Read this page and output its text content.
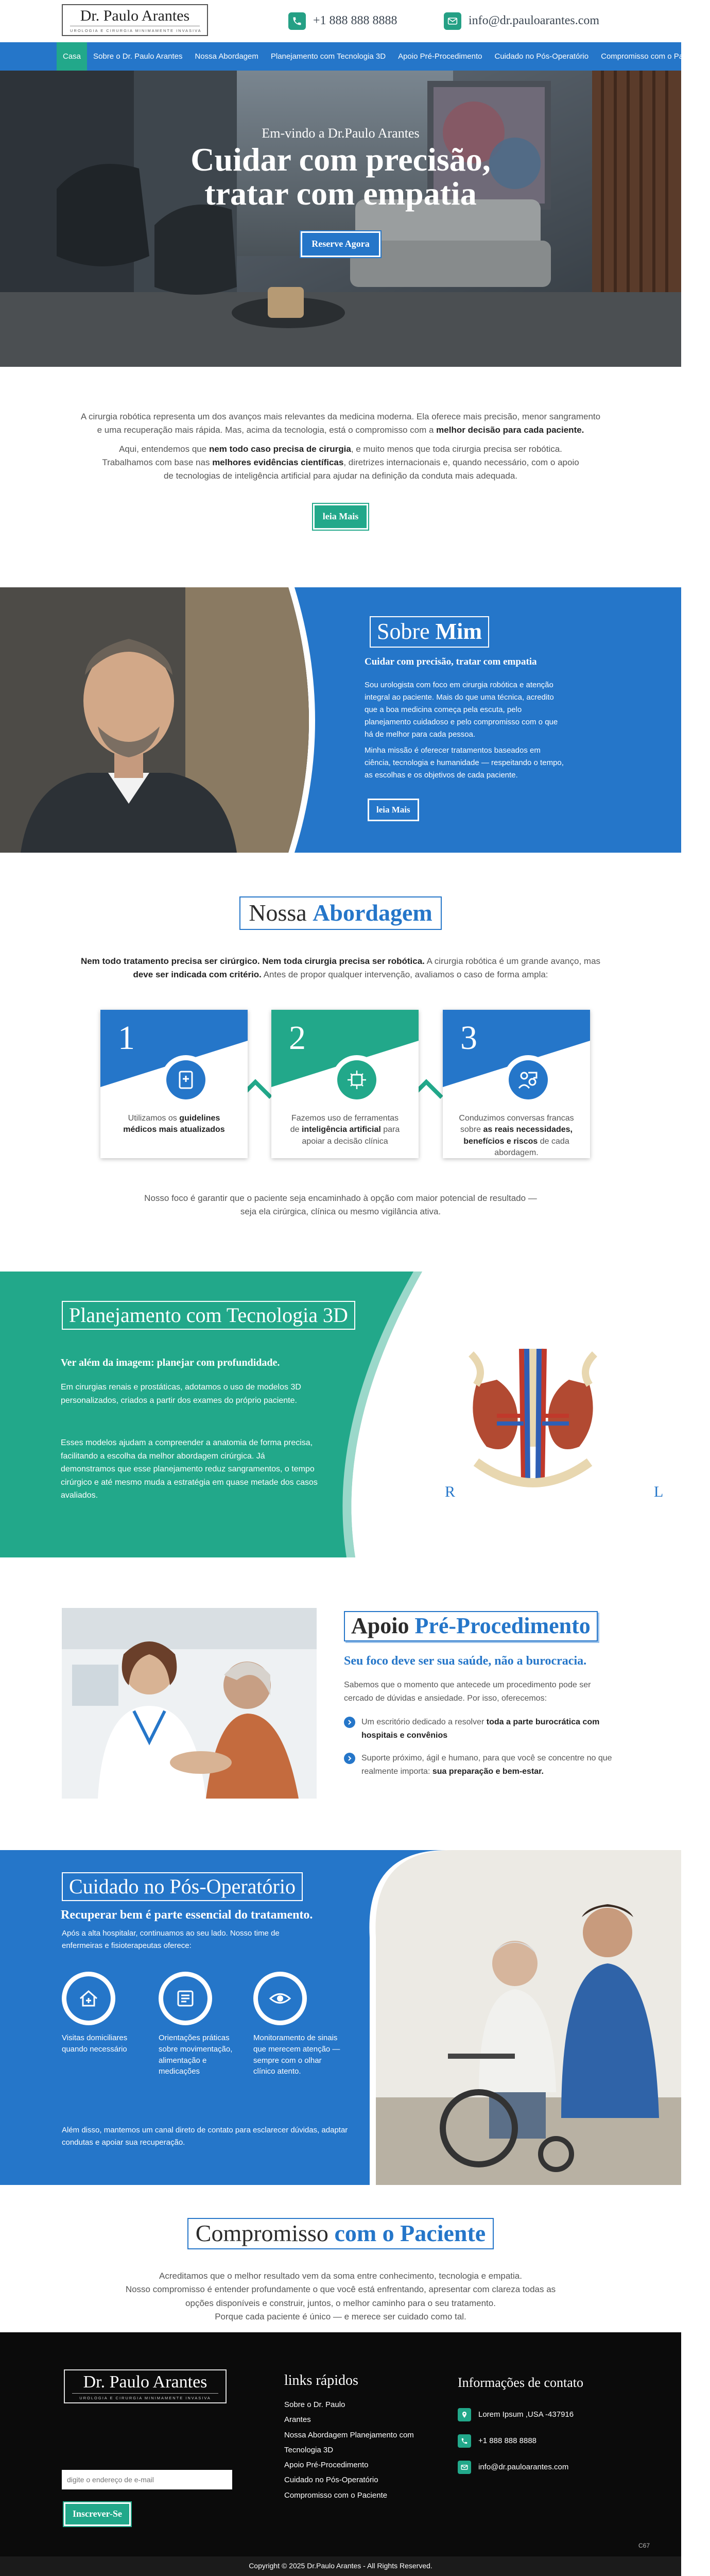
Dr. Paulo Arantes
UROLOGIA E CIRURGIA MINIMAMENTE INVASIVA
+1 888 888 8888	info@dr.pauloarantes.com
Casa	Sobre o Dr. Paulo Arantes	Nossa Abordagem	Planejamento com Tecnologia 3D	Apoio Pré-Procedimento	Cuidado no Pós-Operatório	Compromisso com o Paciente
Em-vindo a Dr.Paulo Arantes
Cuidar com precisão,
tratar com empatia
Reserve Agora

A cirurgia robótica representa um dos avanços mais relevantes da medicina moderna. Ela oferece mais precisão, menor sangramento

e uma recuperação mais rápida. Mas, acima da tecnologia, está o compromisso com a melhor decisão para cada paciente.

Aqui, entendemos que nem todo caso precisa de cirurgia, e muito menos que toda cirurgia precisa ser robótica.

Trabalhamos com base nas melhores evidências científicas, diretrizes internacionais e, quando necessário, com o apoio

de tecnologias de inteligência artificial para ajudar na definição da conduta mais adequada.

leia Mais
Sobre Mim
Cuidar com precisão, tratar com empatia

Sou urologista com foco em cirurgia robótica e atenção integral ao paciente. Mais do que uma técnica, acredito que a boa medicina começa pela escuta, pelo planejamento cuidadoso e pelo compromisso com o que há de melhor para cada pessoa.

Minha missão é oferecer tratamentos baseados em ciência, tecnologia e humanidade — respeitando o tempo, as escolhas e os objetivos de cada paciente.

leia Mais
Nossa Abordagem

Nem todo tratamento precisa ser cirúrgico. Nem toda cirurgia precisa ser robótica. A cirurgia robótica é um grande avanço, mas

deve ser indicada com critério. Antes de propor qualquer intervenção, avaliamos o caso de forma ampla:

1
Utilizamos os guidelines médicos mais atualizados
2
Fazemos uso de ferramentas de inteligência artificial para apoiar a decisão clínica
3
Conduzimos conversas francas sobre as reais necessidades, benefícios e riscos de cada abordagem.

Nosso foco é garantir que o paciente seja encaminhado à opção com maior potencial de resultado —

seja ela cirúrgica, clínica ou mesmo vigilância ativa.

R	L
Planejamento com Tecnologia 3D
Ver além da imagem: planejar com profundidade.

Em cirurgias renais e prostáticas, adotamos o uso de modelos 3D personalizados, criados a partir dos exames do próprio paciente.

Esses modelos ajudam a compreender a anatomia de forma precisa, facilitando a escolha da melhor abordagem cirúrgica. Já demonstramos que esse planejamento reduz sangramentos, o tempo cirúrgico e até mesmo muda a estratégia em quase metade dos casos avaliados.

Apoio Pré-Procedimento
Seu foco deve ser sua saúde, não a burocracia.

Sabemos que o momento que antecede um procedimento pode ser cercado de dúvidas e ansiedade. Por isso, oferecemos:

Um escritório dedicado a resolver toda a parte burocrática com hospitais e convênios
Suporte próximo, ágil e humano, para que você se concentre no que realmente importa: sua preparação e bem-estar.
Cuidado no Pós-Operatório
Recuperar bem é parte essencial do tratamento.

Após a alta hospitalar, continuamos ao seu lado. Nosso time de enfermeiras e fisioterapeutas oferece:

Visitas domiciliares quando necessário
Orientações práticas sobre movimentação, alimentação e medicações
Monitoramento de sinais que merecem atenção — sempre com o olhar clínico atento.

Além disso, mantemos um canal direto de contato para esclarecer dúvidas, adaptar condutas e apoiar sua recuperação.

Compromisso com o Paciente

Acreditamos que o melhor resultado vem da soma entre conhecimento, tecnologia e empatia.

Nosso compromisso é entender profundamente o que você está enfrentando, apresentar com clareza todas as

opções disponíveis e construir, juntos, o melhor caminho para o seu tratamento.

Porque cada paciente é único — e merece ser cuidado como tal.

Dr. Paulo Arantes
UROLOGIA E CIRURGIA MINIMAMENTE INVASIVA
digite o endereço de e-mail
Inscrever-Se
links rápidos
Sobre o Dr. Paulo
Arantes
Nossa Abordagem Planejamento com
Tecnologia 3D
Apoio Pré-Procedimento
Cuidado no Pós-Operatório
Compromisso com o Paciente
Informações de contato
Lorem Ipsum ,USA -437916
+1 888 888 8888
info@dr.pauloarantes.com
Copyright © 2025 Dr.Paulo Arantes - All Rights Reserved.
C67
